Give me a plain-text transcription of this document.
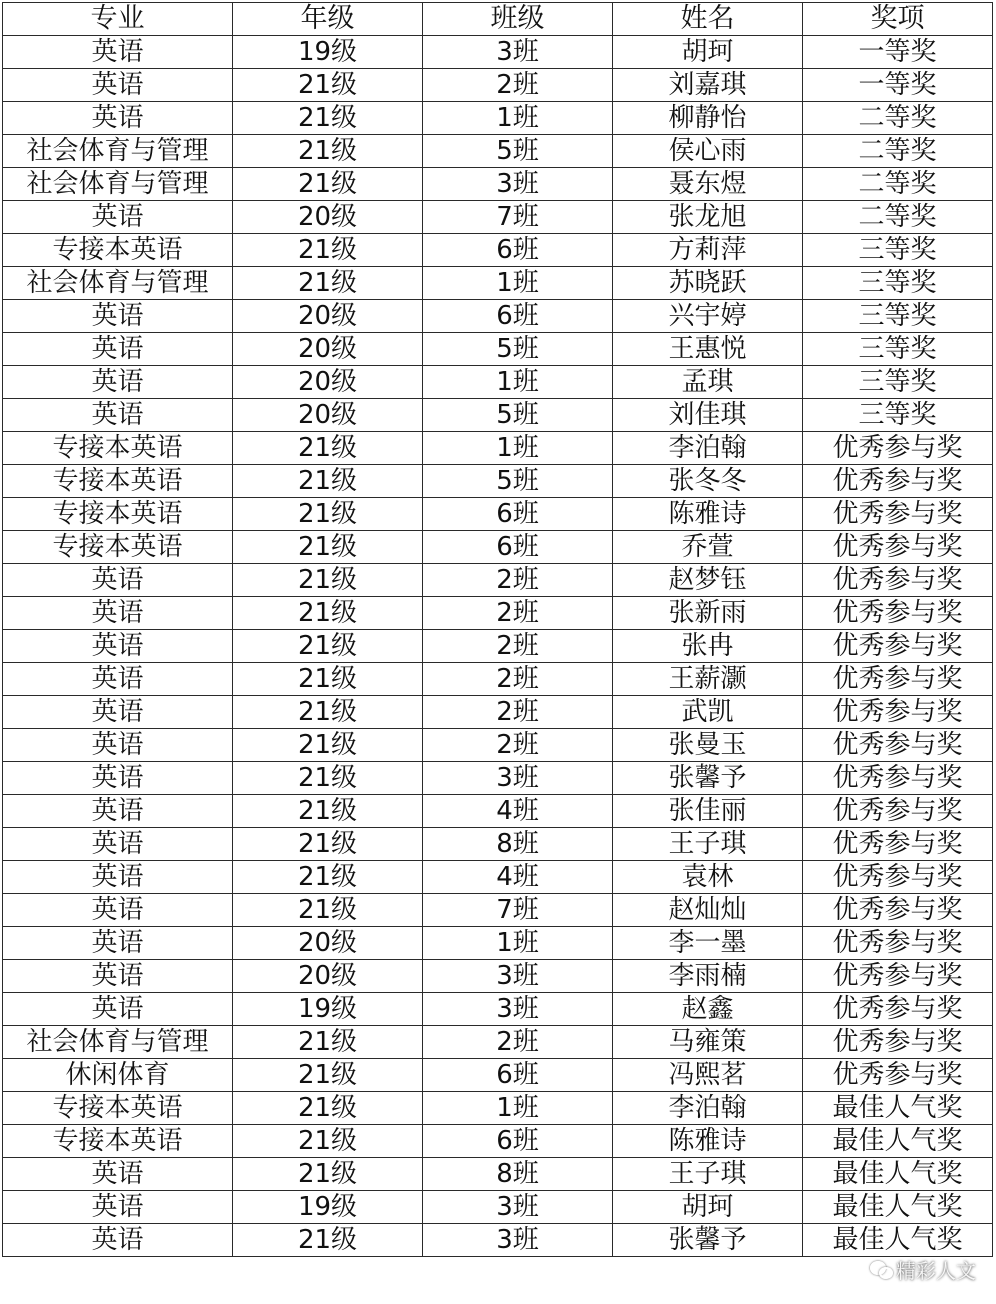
专业	年级	班级	姓名	奖项
英语	19级	3班	胡珂	一等奖
英语	21级	2班	刘嘉琪	一等奖
英语	21级	1班	柳静怡	二等奖
社会体育与管理	21级	5班	侯心雨	二等奖
社会体育与管理	21级	3班	聂东煜	二等奖
英语	20级	7班	张龙旭	二等奖
专接本英语	21级	6班	方莉萍	三等奖
社会体育与管理	21级	1班	苏晓跃	三等奖
英语	20级	6班	兴宇婷	三等奖
英语	20级	5班	王惠悦	三等奖
英语	20级	1班	孟琪	三等奖
英语	20级	5班	刘佳琪	三等奖
专接本英语	21级	1班	李泊翰	优秀参与奖
专接本英语	21级	5班	张冬冬	优秀参与奖
专接本英语	21级	6班	陈雅诗	优秀参与奖
专接本英语	21级	6班	乔萱	优秀参与奖
英语	21级	2班	赵梦钰	优秀参与奖
英语	21级	2班	张新雨	优秀参与奖
英语	21级	2班	张冉	优秀参与奖
英语	21级	2班	王薪灏	优秀参与奖
英语	21级	2班	武凯	优秀参与奖
英语	21级	2班	张曼玉	优秀参与奖
英语	21级	3班	张馨予	优秀参与奖
英语	21级	4班	张佳丽	优秀参与奖
英语	21级	8班	王子琪	优秀参与奖
英语	21级	4班	袁林	优秀参与奖
英语	21级	7班	赵灿灿	优秀参与奖
英语	20级	1班	李一墨	优秀参与奖
英语	20级	3班	李雨楠	优秀参与奖
英语	19级	3班	赵鑫	优秀参与奖
社会体育与管理	21级	2班	马雍策	优秀参与奖
休闲体育	21级	6班	冯熙茗	优秀参与奖
专接本英语	21级	1班	李泊翰	最佳人气奖
专接本英语	21级	6班	陈雅诗	最佳人气奖
英语	21级	8班	王子琪	最佳人气奖
英语	19级	3班	胡珂	最佳人气奖
英语	21级	3班	张馨予	最佳人气奖
精彩人文
